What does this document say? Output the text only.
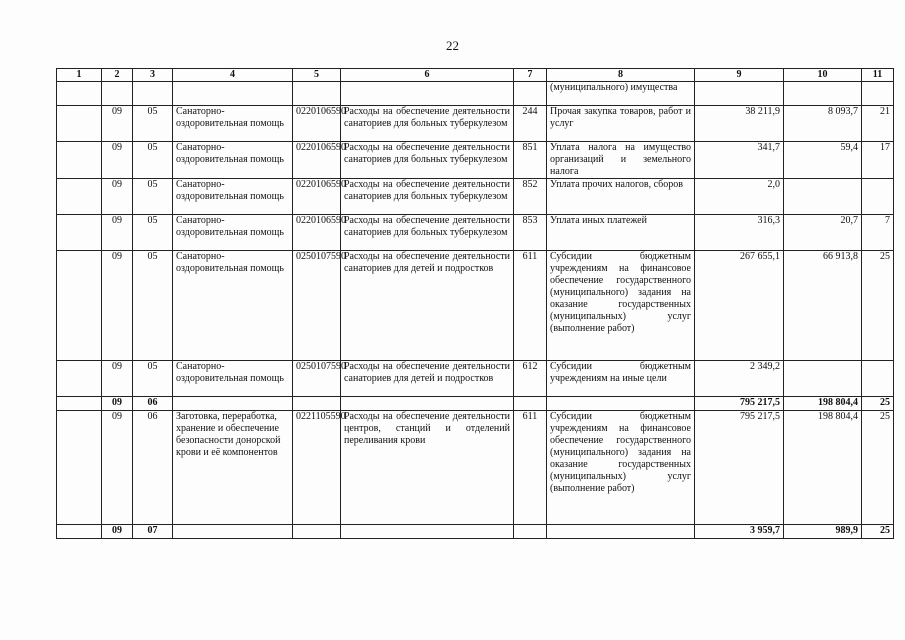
22
1	2	3	4	5	6	7	8	9	10	11
							(муниципального) имущества			
	09	05	Санаторно-оздоровительная помощь	0220106590	Расходы на обеспечение деятельности санаториев для больных туберкулезом	244	Прочая закупка товаров, работ и услуг	38 211,9	8 093,7	21
	09	05	Санаторно-оздоровительная помощь	0220106590	Расходы на обеспечение деятельности санаториев для больных туберкулезом	851	Уплата налога на имущество организаций и земельного налога	341,7	59,4	17
	09	05	Санаторно-оздоровительная помощь	0220106590	Расходы на обеспечение деятельности санаториев для больных туберкулезом	852	Уплата прочих налогов, сборов	2,0		
	09	05	Санаторно-оздоровительная помощь	0220106590	Расходы на обеспечение деятельности санаториев для больных туберкулезом	853	Уплата иных платежей	316,3	20,7	7
	09	05	Санаторно-оздоровительная помощь	0250107590	Расходы на обеспечение деятельности санаториев для детей и подростков	611	Субсидии бюджетным учреждениям на финансовое обеспечение государственного (муниципального) задания на оказание государственных (муниципальных) услуг (выполнение работ)	267 655,1	66 913,8	25
	09	05	Санаторно-оздоровительная помощь	0250107590	Расходы на обеспечение деятельности санаториев для детей и подростков	612	Субсидии бюджетным учреждениям на иные цели	2 349,2		
	09	06						795 217,5	198 804,4	25
	09	06	Заготовка, переработка, хранение и обеспечение безопасности донорской крови и её компонентов	0221105590	Расходы на обеспечение деятельности центров, станций и отделений переливания крови	611	Субсидии бюджетным учреждениям на финансовое обеспечение государственного (муниципального) задания на оказание государственных (муниципальных) услуг (выполнение работ)	795 217,5	198 804,4	25
	09	07						3 959,7	989,9	25
